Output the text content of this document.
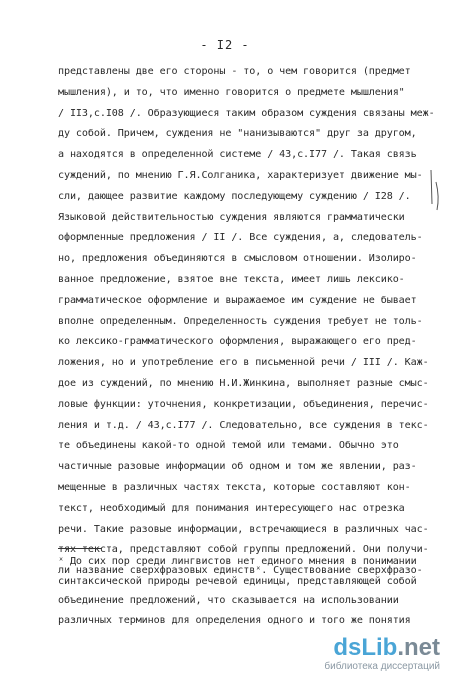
- I2 -
представлены две его стороны - то, о чем говорится (предмет
мышления), и то, что именно говорится о предмете мышления"
/ II3,с.I08 /. Образующиеся таким образом суждения связаны меж-
ду собой. Причем, суждения не "нанизываются" друг за другом,
а находятся в определенной системе / 43,с.I77 /. Такая связь
суждений, по мнению Г.Я.Солганика, характеризует движение мы-
сли, дающее развитие каждому последующему суждению / I28 /.
Языковой действительностью суждения являются грамматически
оформленные предложения / II /. Все суждения, а, следователь-
но, предложения объединяются в смысловом отношении. Изолиро-
ванное предложение, взятое вне текста, имеет лишь лексико-
грамматическое оформление и выражаемое им суждение не бывает
вполне определенным. Определенность суждения требует не толь-
ко лексико-грамматического оформления, выражающего его пред-
ложения, но и употребление его в письменной речи / III /. Каж-
дое из суждений, по мнению Н.И.Жинкина, выполняет разные смыс-
ловые функции: уточнения, конкретизации, объединения, перечис-
ления и т.д. / 43,с.I77 /. Следовательно, все суждения в текс-
те объединены какой-то одной темой или темами. Обычно это
частичные разовые информации об одном и том же явлении, раз-
мещенные в различных частях текста, которые составляют кон-
текст, необходимый для понимания интересующего нас отрезка
речи. Такие разовые информации, встречающиеся в различных час-
тях текста, представляют собой группы предложений. Они получи-
ли название сверхфразовых единствˣ. Существование сверхфразо-
ˣ До сих пор среди лингвистов нет единого мнения в понимании
синтаксической природы речевой единицы, представляющей собой
объединение предложений, что сказывается на использовании
различных терминов для определения одного и того же понятия
dsLib.net
библиотека диссертаций
